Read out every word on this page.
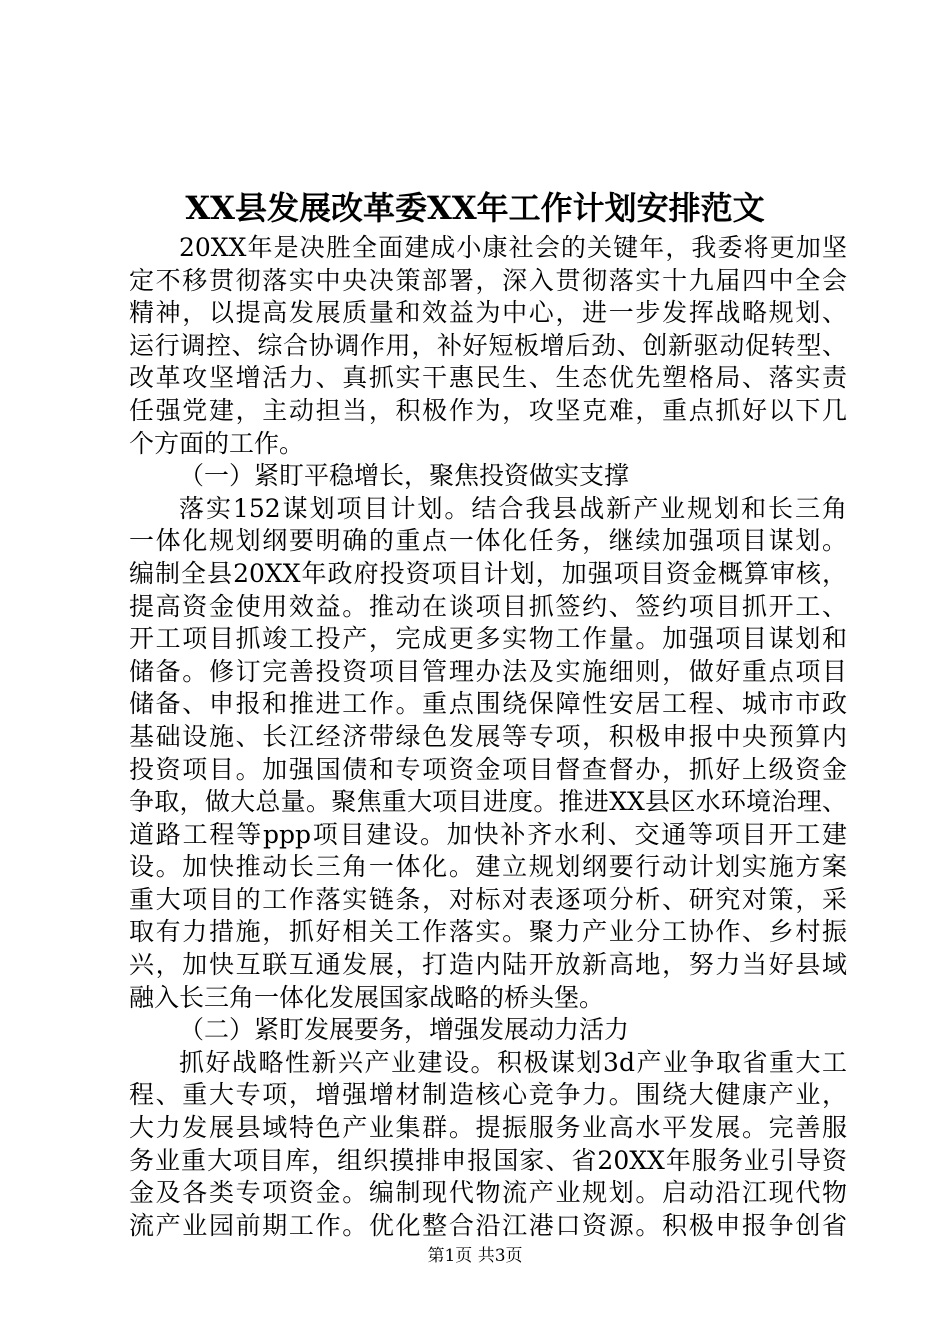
XX县发展改革委XX年工作计划安排范文
20XX年是决胜全面建成小康社会的关键年，我委将更加坚
定不移贯彻落实中央决策部署，深入贯彻落实十九届四中全会
精神，以提高发展质量和效益为中心，进一步发挥战略规划、
运行调控、综合协调作用，补好短板增后劲、创新驱动促转型、
改革攻坚增活力、真抓实干惠民生、生态优先塑格局、落实责
任强党建，主动担当，积极作为，攻坚克难，重点抓好以下几
个方面的工作。
（一）紧盯平稳增长，聚焦投资做实支撑
落实152谋划项目计划。结合我县战新产业规划和长三角
一体化规划纲要明确的重点一体化任务，继续加强项目谋划。
编制全县20XX年政府投资项目计划，加强项目资金概算审核，
提高资金使用效益。推动在谈项目抓签约、签约项目抓开工、
开工项目抓竣工投产，完成更多实物工作量。加强项目谋划和
储备。修订完善投资项目管理办法及实施细则，做好重点项目
储备、申报和推进工作。重点围绕保障性安居工程、城市市政
基础设施、长江经济带绿色发展等专项，积极申报中央预算内
投资项目。加强国债和专项资金项目督查督办，抓好上级资金
争取，做大总量。聚焦重大项目进度。推进XX县区水环境治理、
道路工程等ppp项目建设。加快补齐水利、交通等项目开工建
设。加快推动长三角一体化。建立规划纲要行动计划实施方案
重大项目的工作落实链条，对标对表逐项分析、研究对策，采
取有力措施，抓好相关工作落实。聚力产业分工协作、乡村振
兴，加快互联互通发展，打造内陆开放新高地，努力当好县域
融入长三角一体化发展国家战略的桥头堡。
（二）紧盯发展要务，增强发展动力活力
抓好战略性新兴产业建设。积极谋划3d产业争取省重大工
程、重大专项，增强增材制造核心竞争力。围绕大健康产业，
大力发展县域特色产业集群。提振服务业高水平发展。完善服
务业重大项目库，组织摸排申报国家、省20XX年服务业引导资
金及各类专项资金。编制现代物流产业规划。启动沿江现代物
流产业园前期工作。优化整合沿江港口资源。积极申报争创省
第1页 共3页
